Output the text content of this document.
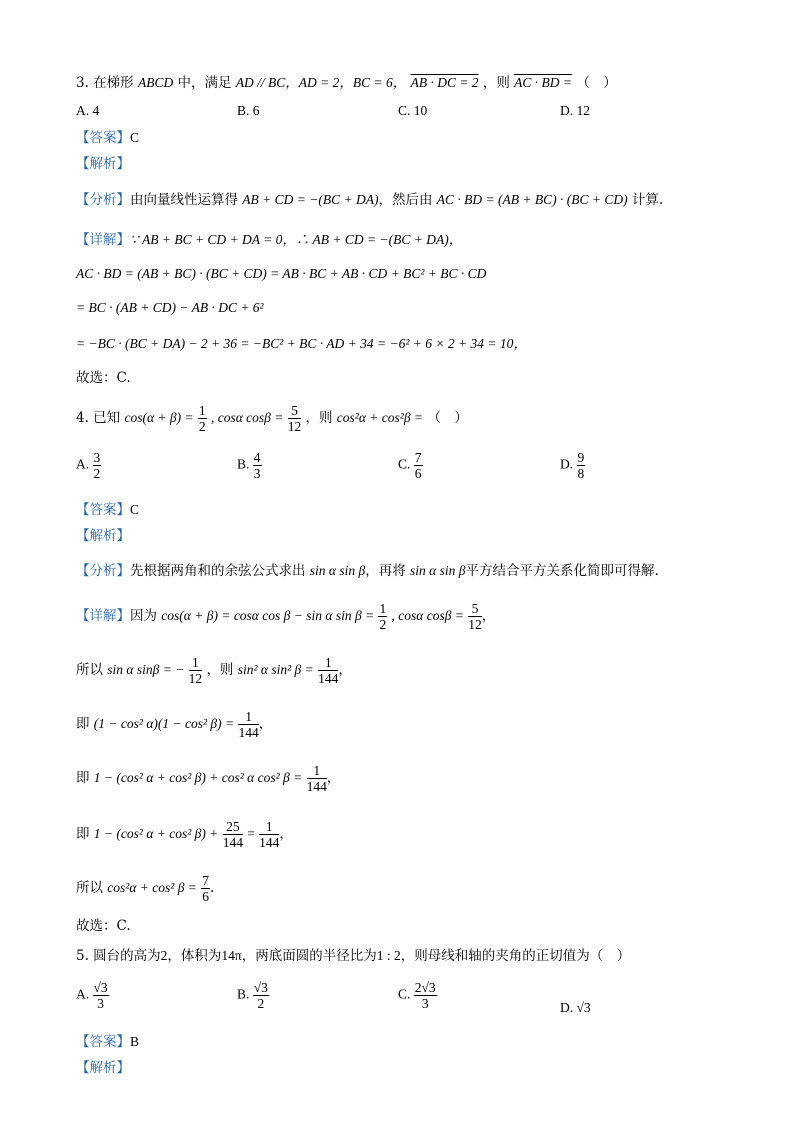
3. 在梯形 ABCD 中，满足 AD // BC，AD = 2，BC = 6， AB · DC = 2 ，则 AC · BD = （　）
A. 4	B. 6	C. 10	D. 12
【答案】C
【解析】
【分析】由向量线性运算得 AB + CD = −(BC + DA)，然后由 AC · BD = (AB + BC) · (BC + CD) 计算.
【详解】∵ AB + BC + CD + DA = 0，∴ AB + CD = −(BC + DA)，
AC · BD = (AB + BC) · (BC + CD) = AB · BC + AB · CD + BC² + BC · CD
= BC · (AB + CD) − AB · DC + 6²
= −BC · (BC + DA) − 2 + 36 = −BC² + BC · AD + 34 = −6² + 6 × 2 + 34 = 10，
故选：C.
4. 已知 $\cos(\alpha + \beta) = \frac{1}{2}$ , cosα $\cos\beta = \frac{5}{12}$ ，则 cos²α + cos²β = （　）
A. $\frac{3}{2}$	B. $\frac{4}{3}$	C. $\frac{7}{6}$	D. $\frac{9}{8}$
【答案】C
【解析】
【分析】先根据两角和的余弦公式求出 sin α sin β，再将 sin α sin β平方结合平方关系化简即可得解.
【详解】因为 cos(α + β) = cosα cos β − sin α $\sin \beta = \frac{1}{2}$ , cosα $\cos\beta = \frac{5}{12}$ ，
所以 sin α sinβ = − $\frac{1}{12}$ ，则 sin² α sin² $\beta = \frac{1}{144}$ ，
即 (1 − cos² α)(1 − cos² $\beta) = \frac{1}{144}$ ，
即 1 − (cos² α + cos² β) + cos² α cos² $\beta = \frac{1}{144}$ ，
即 1 − (cos² α + cos² $\beta) + \frac{25}{144} = \frac{1}{144}$ ，
所以 cos²α + cos² $\beta = \frac{7}{6}$ .
故选：C.
5. 圆台的高为2，体积为14π，两底面圆的半径比为1 : 2，则母线和轴的夹角的正切值为（　）
A. $\frac{√3}{3}$	B. $\frac{√3}{2}$	C. $\frac{2√3}{3}$	D. √3
【答案】B
【解析】
